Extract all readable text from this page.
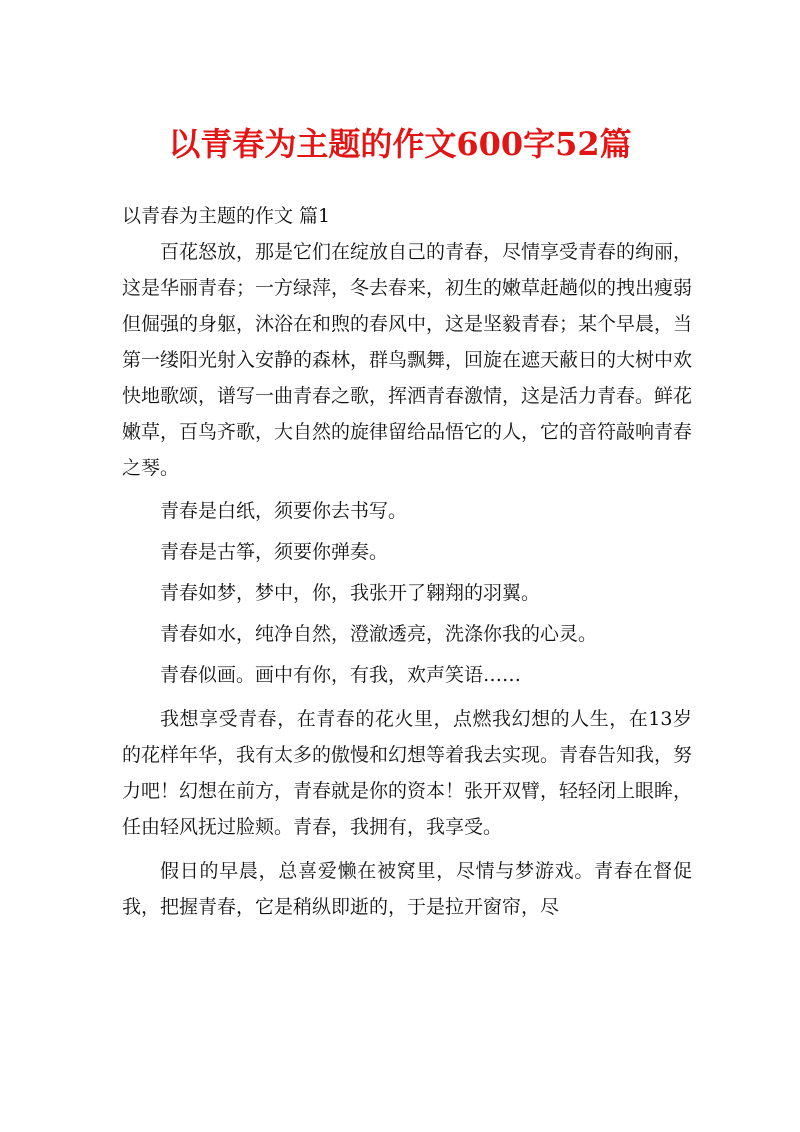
以青春为主题的作文600字52篇

以青春为主题的作文 篇1

百花怒放，那是它们在绽放自己的青春，尽情享受青春的绚丽，这是华丽青春；一方绿萍，冬去春来，初生的嫩草赶趟似的拽出瘦弱但倔强的身躯，沐浴在和煦的春风中，这是坚毅青春；某个早晨，当第一缕阳光射入安静的森林，群鸟飘舞，回旋在遮天蔽日的大树中欢快地歌颂，谱写一曲青春之歌，挥洒青春激情，这是活力青春。鲜花嫩草，百鸟齐歌，大自然的旋律留给品悟它的人，它的音符敲响青春之琴。

青春是白纸，须要你去书写。

青春是古筝，须要你弹奏。

青春如梦，梦中，你，我张开了翱翔的羽翼。

青春如水，纯净自然，澄澈透亮，洗涤你我的心灵。

青春似画。画中有你，有我，欢声笑语……

我想享受青春，在青春的花火里，点燃我幻想的人生，在13岁的花样年华，我有太多的傲慢和幻想等着我去实现。青春告知我，努力吧！幻想在前方，青春就是你的资本！张开双臂，轻轻闭上眼眸，任由轻风抚过脸颊。青春，我拥有，我享受。

假日的早晨，总喜爱懒在被窝里，尽情与梦游戏。青春在督促我，把握青春，它是稍纵即逝的，于是拉开窗帘，尽
